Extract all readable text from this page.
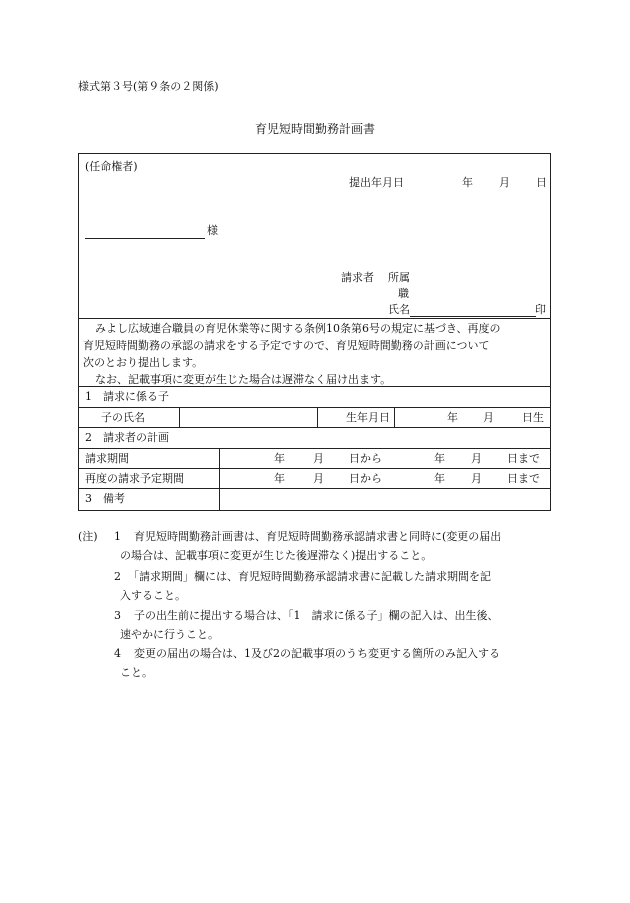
様式第３号(第９条の２関係)
育児短時間勤務計画書
(任命権者)
提出年月日	年 月 日
様
請求者 所属
職
氏名	印

みよし広域連合職員の育児休業等に関する条例10条第6号の規定に基づき、再度の

育児短時間勤務の承認の請求をする予定ですので、育児短時間勤務の計画について

次のとおり提出します。

なお、記載事項に変更が生じた場合は遅滞なく届け出ます。

1　請求に係る子
子の氏名	生年月日	年 月	日生
2　請求者の計画
請求期間	年	月 日から	年 月 日まで
再度の請求予定期間	年	月 日から	年 月 日まで
3　備考
(注) 1 育児短時間勤務計画書は、育児短時間勤務承認請求書と同時に(変更の届出
の場合は、記載事項に変更が生じた後遅滞なく)提出すること。
2 「請求期間」欄には、育児短時間勤務承認請求書に記載した請求期間を記
入すること。
3 子の出生前に提出する場合は、「1　請求に係る子」欄の記入は、出生後、
速やかに行うこと。
4 変更の届出の場合は、1及び2の記載事項のうち変更する箇所のみ記入する
こと。
